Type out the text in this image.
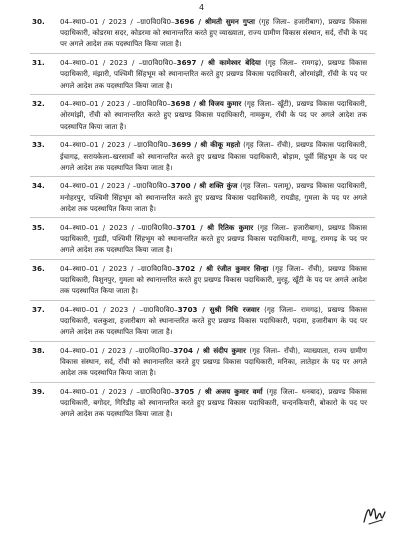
4
30. 04–स्था0–01 / 2023 / –ग्रा0वि0वि0–3696 / श्रीमती सुमन गुप्ता (गृह जिला– हजारीबाग), प्रखण्ड विकास पदाधिकारी, कोडरमा सदर, कोडरमा को स्थानान्तरित करते हुए व्याख्याता, राज्य ग्रामीण विकास संस्थान, सर्द, राँची के पद पर अगले आदेश तक पदस्थापित किया जाता है।
31. 04–स्था0–01 / 2023 / –ग्रा0वि0वि0–3697 / श्री कामेश्वर बेदिया (गृह जिला– रामगढ़), प्रखण्ड विकास पदाधिकारी, मंझारी, पश्चिमी सिंहभूम को स्थानान्तरित करते हुए प्रखण्ड विकास पदाधिकारी, ओरमांझी, राँची के पद पर अगले आदेश तक पदस्थापित किया जाता है।
32. 04–स्था0–01 / 2023 / –ग्रा0वि0वि0–3698 / श्री विजय कुमार (गृह जिला– खूँटी), प्रखण्ड विकास पदाधिकारी, ओरमांझी, राँची को स्थानान्तरित करते हुए प्रखण्ड विकास पदाधिकारी, नामकुम, राँची के पद पर अगले आदेश तक पदस्थापित किया जाता है।
33. 04–स्था0–01 / 2023 / –ग्रा0वि0वि0–3699 / श्री कीकू महतो (गृह जिला– राँची), प्रखण्ड विकास पदाधिकारी, ईचागढ़, सरायकेला–खरसावाँ को स्थानान्तरित करते हुए प्रखण्ड विकास पदाधिकारी, बोड़ाम, पूर्वी सिंहभूम के पद पर अगले आदेश तक पदस्थापित किया जाता है।
34. 04–स्था0–01 / 2023 / –ग्रा0वि0वि0–3700 / श्री शक्ति कुंज (गृह जिला– पलामू), प्रखण्ड विकास पदाधिकारी, मनोहरपुर, पश्चिमी सिंहभूम को स्थानान्तरित करते हुए प्रखण्ड विकास पदाधिकारी, रायडीह, गुमला के पद पर अगले आदेश तक पदस्थापित किया जाता है।
35. 04–स्था0–01 / 2023 / –ग्रा0वि0वि0–3701 / श्री रितिक कुमार (गृह जिला– हजारीबाग), प्रखण्ड विकास पदाधिकारी, गुडडी, पश्चिमी सिंहभूम को स्थानान्तरित करते हुए प्रखण्ड विकास पदाधिकारी, माण्डू, रामगढ़ के पद पर अगले आदेश तक पदस्थापित किया जाता है।
36. 04–स्था0–01 / 2023 / –ग्रा0वि0वि0–3702 / श्री रंजीत कुमार सिन्हा (गृह जिला– राँची), प्रखण्ड विकास पदाधिकारी, विशुनपुर, गुमला को स्थानान्तरित करते हुए प्रखण्ड विकास पदाधिकारी, मुरहू, खूँटी के पद पर अगले आदेश तक पदस्थापित किया जाता है।
37. 04–स्था0–01 / 2023 / –ग्रा0वि0वि0–3703 / सुश्री निधि रजवार (गृह जिला– रामगढ़), प्रखण्ड विकास पदाधिकारी, चलकुशा, हजारीबाग को स्थानान्तरित करते हुए प्रखण्ड विकास पदाधिकारी, पदमा, हजारीबाग के पद पर अगले आदेश तक पदस्थापित किया जाता है।
38. 04–स्था0–01 / 2023 / –ग्रा0वि0वि0–3704 / श्री संदीप कुमार (गृह जिला– राँची), व्याख्याता, राज्य ग्रामीण विकास संस्थान, सर्द, राँची को स्थानान्तरित करते हुए प्रखण्ड विकास पदाधिकारी, मनिका, लातेहार के पद पर अगले आदेश तक पदस्थापित किया जाता है।
39. 04–स्था0–01 / 2023 / –ग्रा0वि0वि0–3705 / श्री अजय कुमार वर्मा (गृह जिला– धनबाद), प्रखण्ड विकास पदाधिकारी, बगोदर, गिरिडीह को स्थानान्तरित करते हुए प्रखण्ड विकास पदाधिकारी, चन्दनकियारी, बोकारो के पद पर अगले आदेश तक पदस्थापित किया जाता है।
